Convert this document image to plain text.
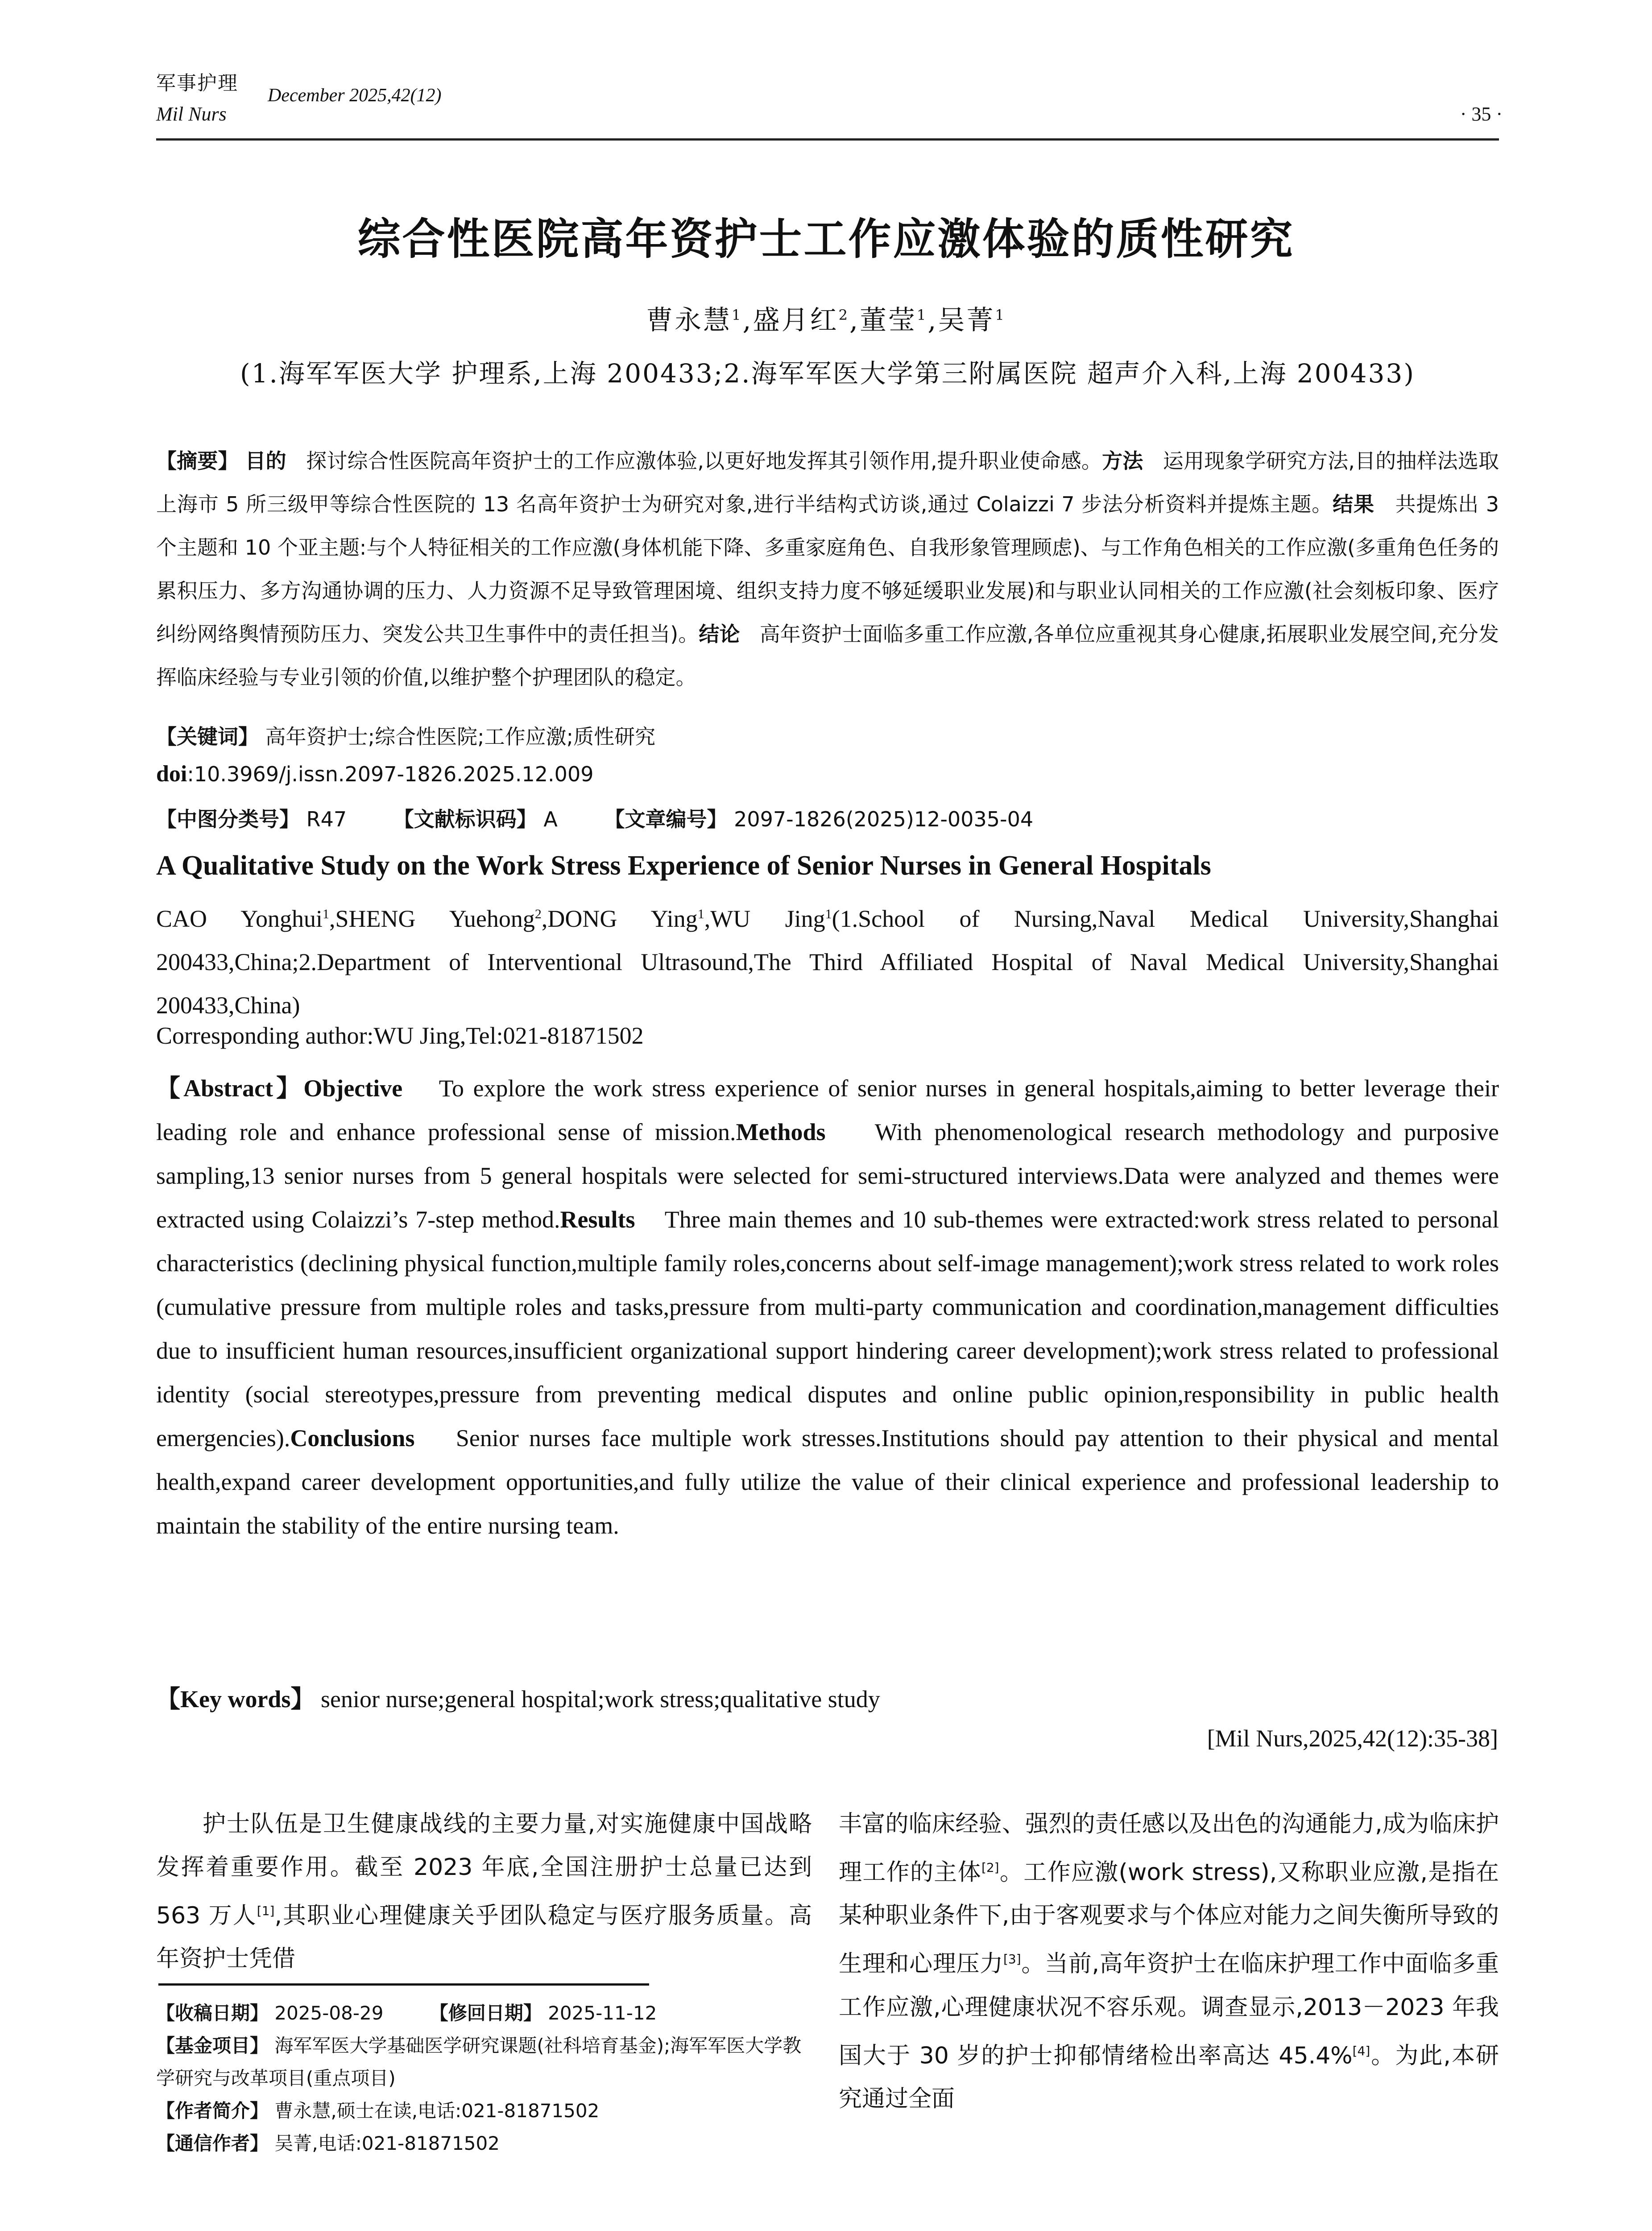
军事护理
December 2025,42(12)
Mil Nurs	· 35 ·
综合性医院高年资护士工作应激体验的质性研究
曹永慧$^1$,盛月红$^2$,董莹$^1$,吴菁$^1$
(1.海军军医大学 护理系,上海 200433;2.海军军医大学第三附属医院 超声介入科,上海 200433)
【摘要】 目的 探讨综合性医院高年资护士的工作应激体验,以更好地发挥其引领作用,提升职业使命感。方法 运用现象学研究方法,目的抽样法选取上海市 5 所三级甲等综合性医院的 13 名高年资护士为研究对象,进行半结构式访谈,通过 Colaizzi 7 步法分析资料并提炼主题。结果 共提炼出 3 个主题和 10 个亚主题:与个人特征相关的工作应激(身体机能下降、多重家庭角色、自我形象管理顾虑)、与工作角色相关的工作应激(多重角色任务的累积压力、多方沟通协调的压力、人力资源不足导致管理困境、组织支持力度不够延缓职业发展)和与职业认同相关的工作应激(社会刻板印象、医疗纠纷网络舆情预防压力、突发公共卫生事件中的责任担当)。结论 高年资护士面临多重工作应激,各单位应重视其身心健康,拓展职业发展空间,充分发挥临床经验与专业引领的价值,以维护整个护理团队的稳定。
【关键词】 高年资护士;综合性医院;工作应激;质性研究
doi:10.3969/j.issn.2097-1826.2025.12.009
【中图分类号】 R47 【文献标识码】 A 【文章编号】 2097-1826(2025)12-0035-04
A Qualitative Study on the Work Stress Experience of Senior Nurses in General Hospitals
CAO Yonghui$^1$,SHENG Yuehong$^2$,DONG Ying$^1$,WU Jing$^1$(1.School of Nursing,Naval Medical University,Shanghai 200433,China;2.Department of Interventional Ultrasound,The Third Affiliated Hospital of Naval Medical University,Shanghai 200433,China)
Corresponding author:WU Jing,Tel:021-81871502
【Abstract】Objective To explore the work stress experience of senior nurses in general hospitals,aiming to better leverage their leading role and enhance professional sense of mission.Methods With phenomenological research methodology and purposive sampling,13 senior nurses from 5 general hospitals were selected for semi-structured interviews.Data were analyzed and themes were extracted using Colaizzi’s 7-step method.Results Three main themes and 10 sub-themes were extracted:work stress related to personal characteristics (declining physical function,multiple family roles,concerns about self-image management);work stress related to work roles (cumulative pressure from multiple roles and tasks,pressure from multi-party communication and coordination,management difficulties due to insufficient human resources,insufficient organizational support hindering career development);work stress related to professional identity (social stereotypes,pressure from preventing medical disputes and online public opinion,responsibility in public health emergencies).Conclusions Senior nurses face multiple work stresses.Institutions should pay attention to their physical and mental health,expand career development opportunities,and fully utilize the value of their clinical experience and professional leadership to maintain the stability of the entire nursing team.
【Key words】 senior nurse;general hospital;work stress;qualitative study
[Mil Nurs,2025,42(12):35-38]

护士队伍是卫生健康战线的主要力量,对实施健康中国战略发挥着重要作用。截至 2023 年底,全国注册护士总量已达到 563 万人[1],其职业心理健康关乎团队稳定与医疗服务质量。高年资护士凭借

丰富的临床经验、强烈的责任感以及出色的沟通能力,成为临床护理工作的主体[2]。工作应激(work stress),又称职业应激,是指在某种职业条件下,由于客观要求与个体应对能力之间失衡所导致的生理和心理压力[3]。当前,高年资护士在临床护理工作中面临多重工作应激,心理健康状况不容乐观。调查显示,2013－2023 年我国大于 30 岁的护士抑郁情绪检出率高达 45.4%[4]。为此,本研究通过全面

【收稿日期】 2025-08-29 【修回日期】 2025-11-12
【基金项目】 海军军医大学基础医学研究课题(社科培育基金);海军军医大学教学研究与改革项目(重点项目)
【作者简介】 曹永慧,硕士在读,电话:021-81871502
【通信作者】 吴菁,电话:021-81871502
